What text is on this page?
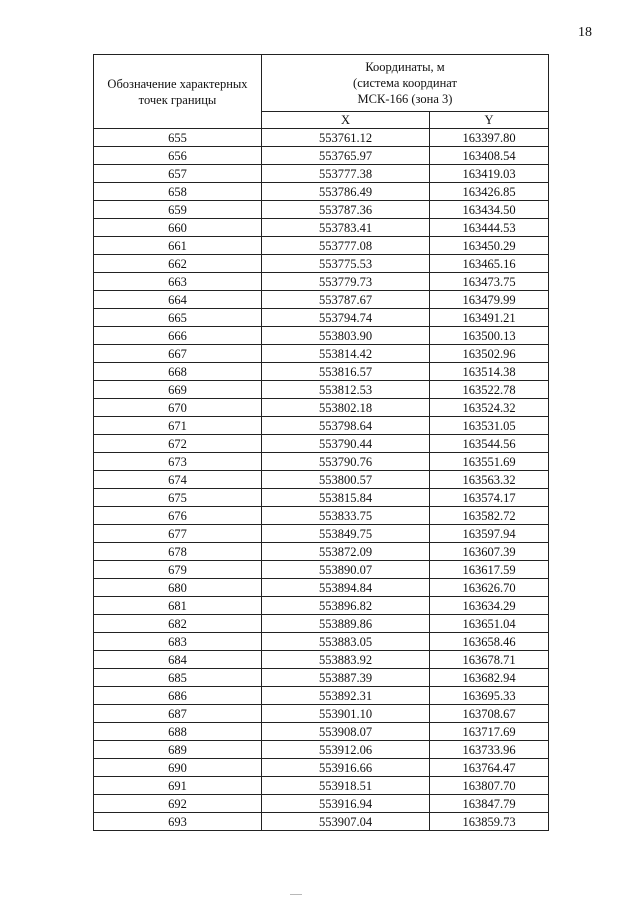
18
Обозначение характерных точек границы	Координаты, м
(система координат
МСК-166 (зона 3)	

	X	Y
655	553761.12	163397.80
656	553765.97	163408.54
657	553777.38	163419.03
658	553786.49	163426.85
659	553787.36	163434.50
660	553783.41	163444.53
661	553777.08	163450.29
662	553775.53	163465.16
663	553779.73	163473.75
664	553787.67	163479.99
665	553794.74	163491.21
666	553803.90	163500.13
667	553814.42	163502.96
668	553816.57	163514.38
669	553812.53	163522.78
670	553802.18	163524.32
671	553798.64	163531.05
672	553790.44	163544.56
673	553790.76	163551.69
674	553800.57	163563.32
675	553815.84	163574.17
676	553833.75	163582.72
677	553849.75	163597.94
678	553872.09	163607.39
679	553890.07	163617.59
680	553894.84	163626.70
681	553896.82	163634.29
682	553889.86	163651.04
683	553883.05	163658.46
684	553883.92	163678.71
685	553887.39	163682.94
686	553892.31	163695.33
687	553901.10	163708.67
688	553908.07	163717.69
689	553912.06	163733.96
690	553916.66	163764.47
691	553918.51	163807.70
692	553916.94	163847.79
693	553907.04	163859.73
